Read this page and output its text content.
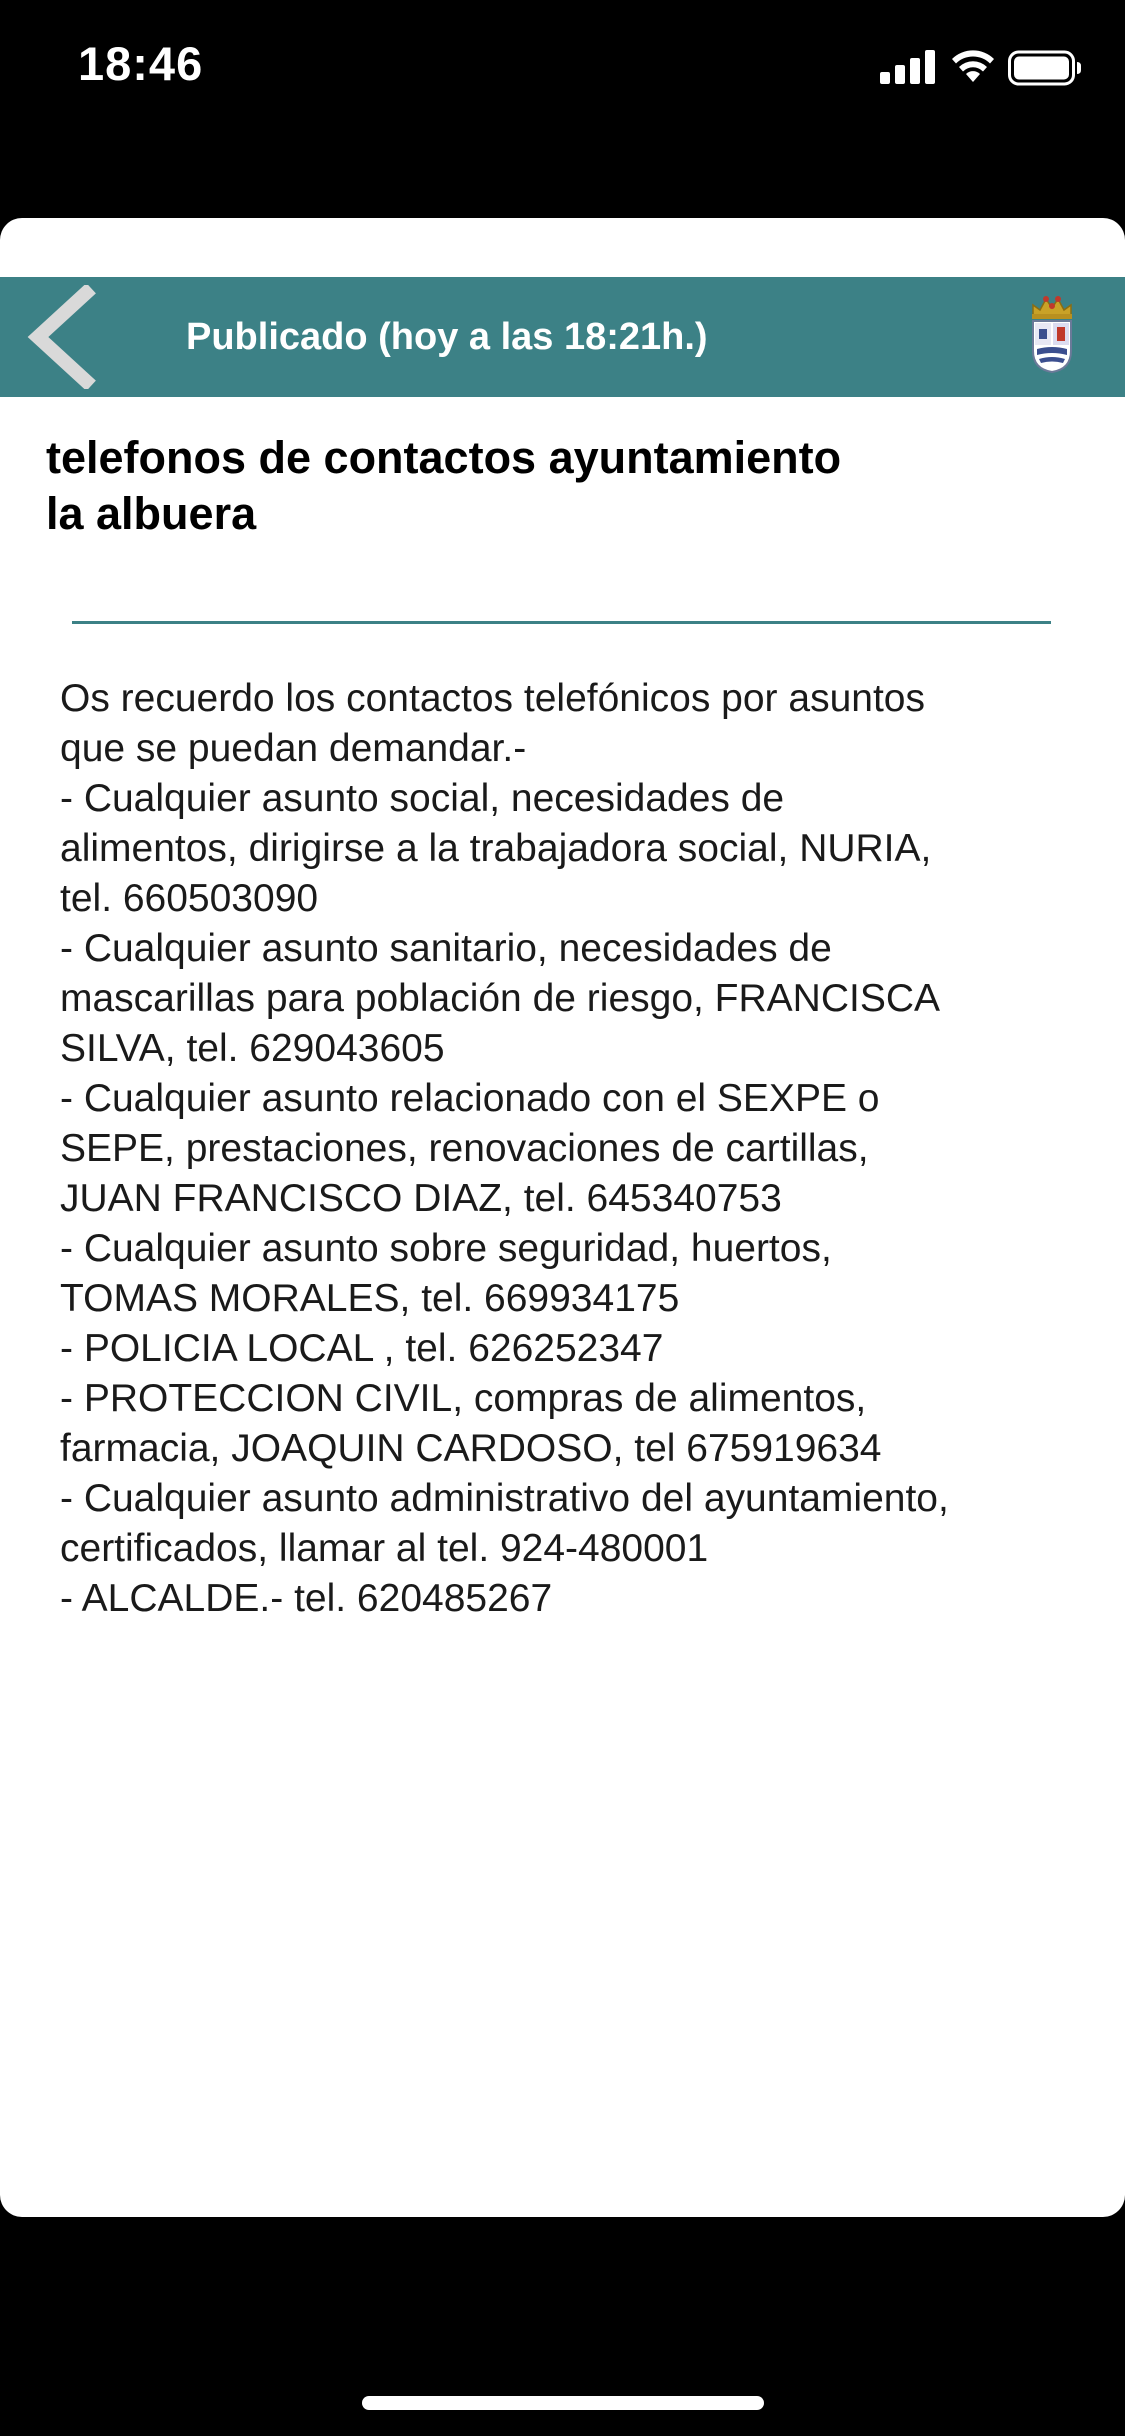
18:46
Publicado (hoy a las 18:21h.)
telefonos de contactos ayuntamiento
la albuera

Os recuerdo los contactos telefónicos por asuntos
que se puedan demandar.-
- Cualquier asunto social, necesidades de
alimentos, dirigirse a la trabajadora social, NURIA,
tel. 660503090
- Cualquier asunto sanitario, necesidades de
mascarillas para población de riesgo, FRANCISCA
SILVA, tel. 629043605
- Cualquier asunto relacionado con el SEXPE o
SEPE, prestaciones, renovaciones de cartillas,
JUAN FRANCISCO DIAZ, tel. 645340753
- Cualquier asunto sobre seguridad, huertos,
TOMAS MORALES, tel. 669934175
- POLICIA LOCAL , tel. 626252347
- PROTECCION CIVIL, compras de alimentos,
farmacia, JOAQUIN CARDOSO, tel 675919634
- Cualquier asunto administrativo del ayuntamiento,
certificados, llamar al tel. 924-480001
- ALCALDE.- tel. 620485267
